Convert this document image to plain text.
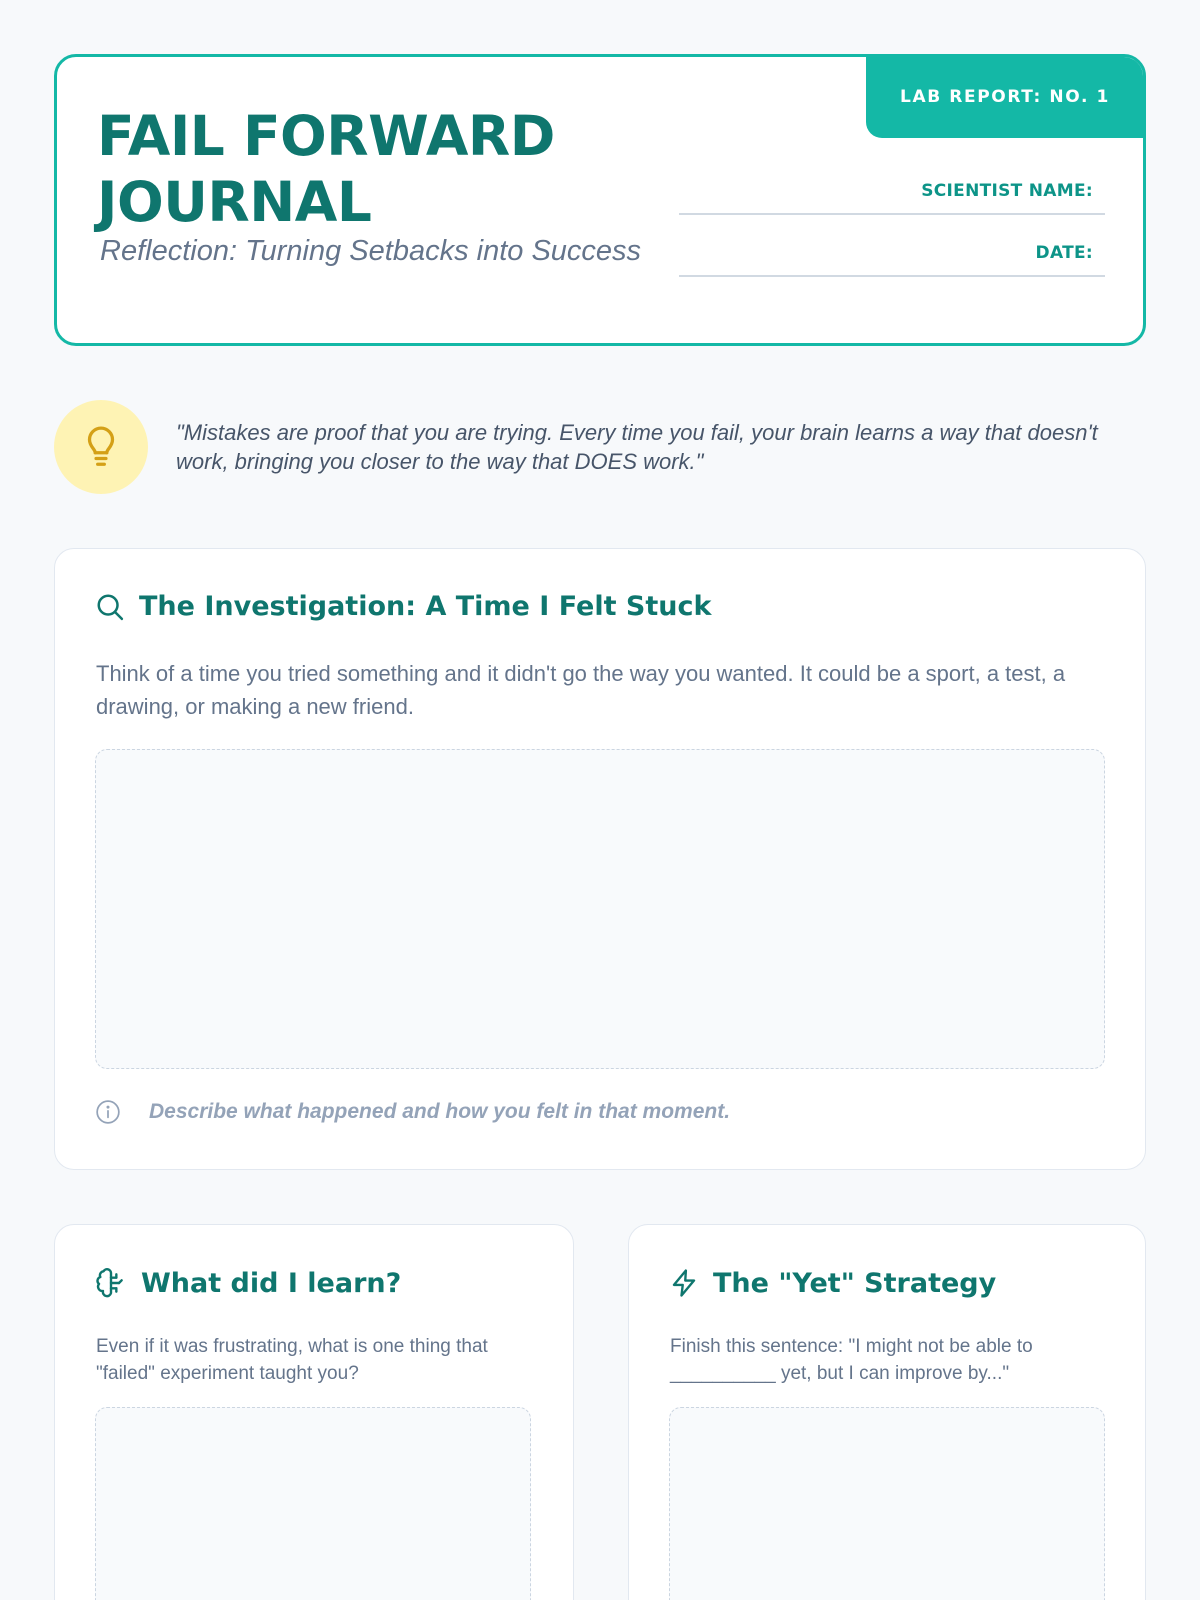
LAB REPORT: NO. 1
FAIL FORWARD JOURNAL
Reflection: Turning Setbacks into Success
SCIENTIST NAME:
DATE:

"Mistakes are proof that you are trying. Every time you fail, your brain learns a way that doesn't work, bringing you closer to the way that DOES work."

The Investigation: A Time I Felt Stuck

Think of a time you tried something and it didn't go the way you wanted. It could be a sport, a test, a drawing, or making a new friend.

Describe what happened and how you felt in that moment.
What did I learn?

Even if it was frustrating, what is one thing that "failed" experiment taught you?

The "Yet" Strategy

Finish this sentence: "I might not be able to __________ yet, but I can improve by..."
